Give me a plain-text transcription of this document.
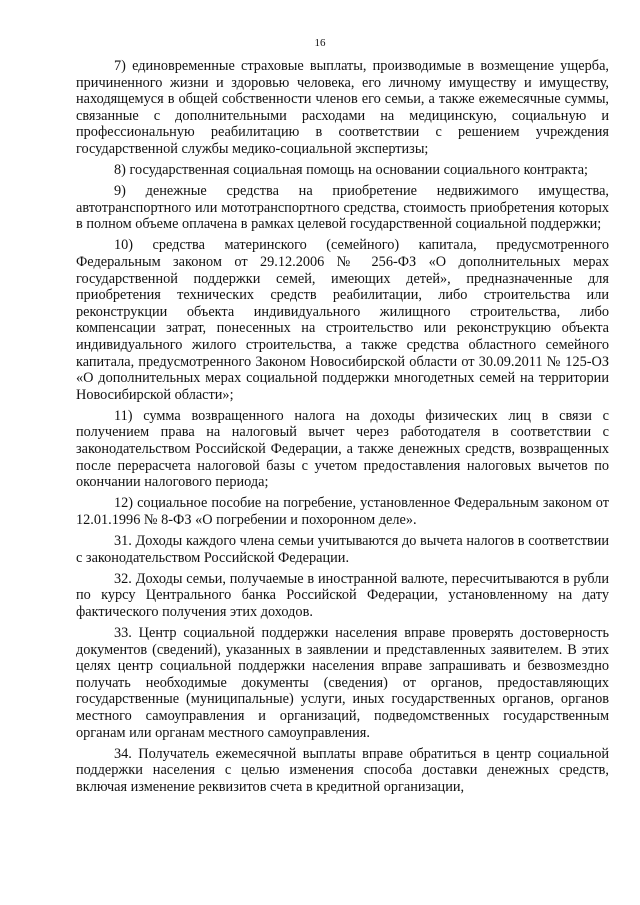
16

7) единовременные страховые выплаты, производимые в возмещение ущерба, причиненного жизни и здоровью человека, его личному имуществу и имуществу, находящемуся в общей собственности членов его семьи, а также ежемесячные суммы, связанные с дополнительными расходами на медицинскую, социальную и профессиональную реабилитацию в соответствии с решением учреждения государственной службы медико-социальной экспертизы;

8) государственная социальная помощь на основании социального контракта;

9) денежные средства на приобретение недвижимого имущества, автотранспортного или мототранспортного средства, стоимость приобретения которых в полном объеме оплачена в рамках целевой государственной социальной поддержки;

10) средства материнского (семейного) капитала, предусмотренного Федеральным законом от 29.12.2006 № 256-ФЗ «О дополнительных мерах государственной поддержки семей, имеющих детей», предназначенные для приобретения технических средств реабилитации, либо строительства или реконструкции объекта индивидуального жилищного строительства, либо компенсации затрат, понесенных на строительство или реконструкцию объекта индивидуального жилого строительства, а также средства областного семейного капитала, предусмотренного Законом Новосибирской области от 30.09.2011 № 125-ОЗ «О дополнительных мерах социальной поддержки многодетных семей на территории Новосибирской области»;

11) сумма возвращенного налога на доходы физических лиц в связи с получением права на налоговый вычет через работодателя в соответствии с законодательством Российской Федерации, а также денежных средств, возвращенных после перерасчета налоговой базы с учетом предоставления налоговых вычетов по окончании налогового периода;

12) социальное пособие на погребение, установленное Федеральным законом от 12.01.1996 № 8-ФЗ «О погребении и похоронном деле».

31. Доходы каждого члена семьи учитываются до вычета налогов в соответствии с законодательством Российской Федерации.

32. Доходы семьи, получаемые в иностранной валюте, пересчитываются в рубли по курсу Центрального банка Российской Федерации, установленному на дату фактического получения этих доходов.

33. Центр социальной поддержки населения вправе проверять достоверность документов (сведений), указанных в заявлении и представленных заявителем. В этих целях центр социальной поддержки населения вправе запрашивать и безвозмездно получать необходимые документы (сведения) от органов, предоставляющих государственные (муниципальные) услуги, иных государственных органов, органов местного самоуправления и организаций, подведомственных государственным органам или органам местного самоуправления.

34. Получатель ежемесячной выплаты вправе обратиться в центр социальной поддержки населения с целью изменения способа доставки денежных средств, включая изменение реквизитов счета в кредитной организации,
